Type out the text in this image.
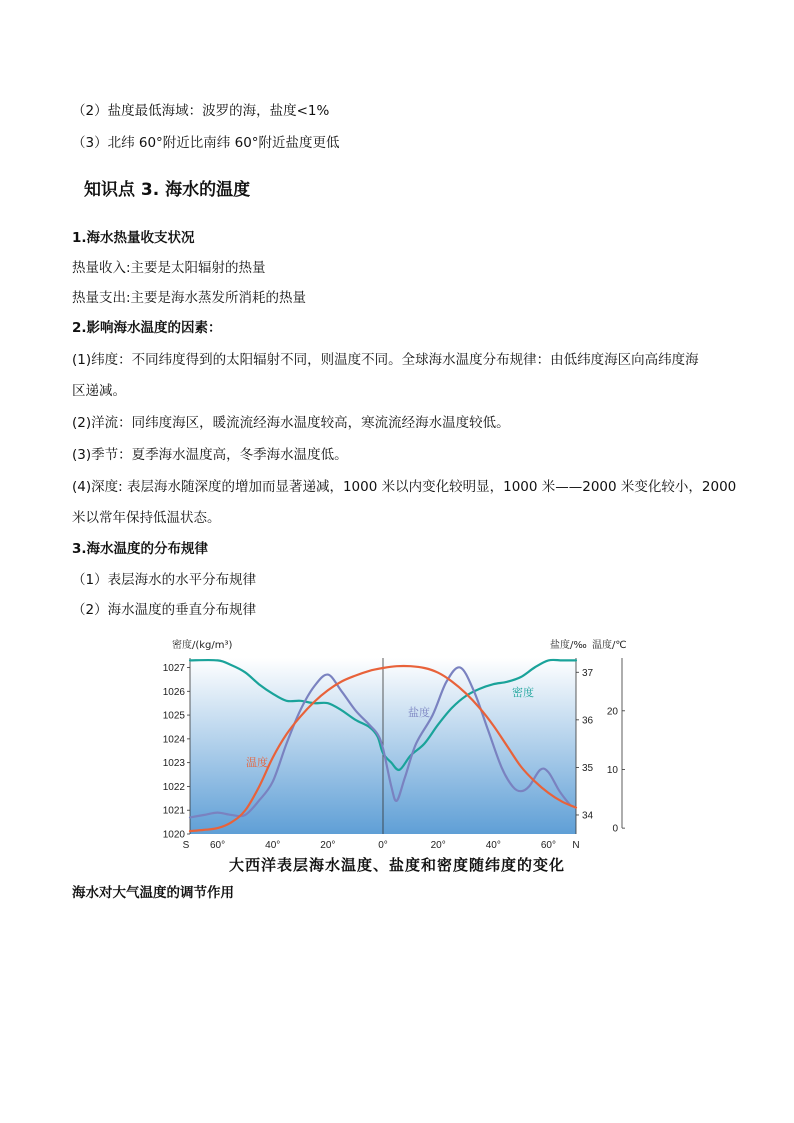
（2）盐度最低海域：波罗的海，盐度<1%
（3）北纬 60°附近比南纬 60°附近盐度更低
知识点 3. 海水的温度
1.海水热量收支状况
热量收入:主要是太阳辐射的热量
热量支出:主要是海水蒸发所消耗的热量
2.影响海水温度的因素：
(1)纬度：不同纬度得到的太阳辐射不同，则温度不同。全球海水温度分布规律：由低纬度海区向高纬度海
区递减。
(2)洋流：同纬度海区，暖流流经海水温度较高，寒流流经海水温度较低。
(3)季节：夏季海水温度高，冬季海水温度低。
(4)深度: 表层海水随深度的增加而显著递减，1000 米以内变化较明显，1000 米——2000 米变化较小，2000
米以常年保持低温状态。
3.海水温度的分布规律
（1）表层海水的水平分布规律
（2）海水温度的垂直分布规律
S 60°	40°	20°	0°	20°	40°	60° N
1020
1021
1022
1023
1024
1025
1026
1027
34
35
36
37
0
10
20
密度
盐度
温度
密度/(kg/m³)	盐度/‰ 温度/℃
大西洋表层海水温度、盐度和密度随纬度的变化
海水对大气温度的调节作用
